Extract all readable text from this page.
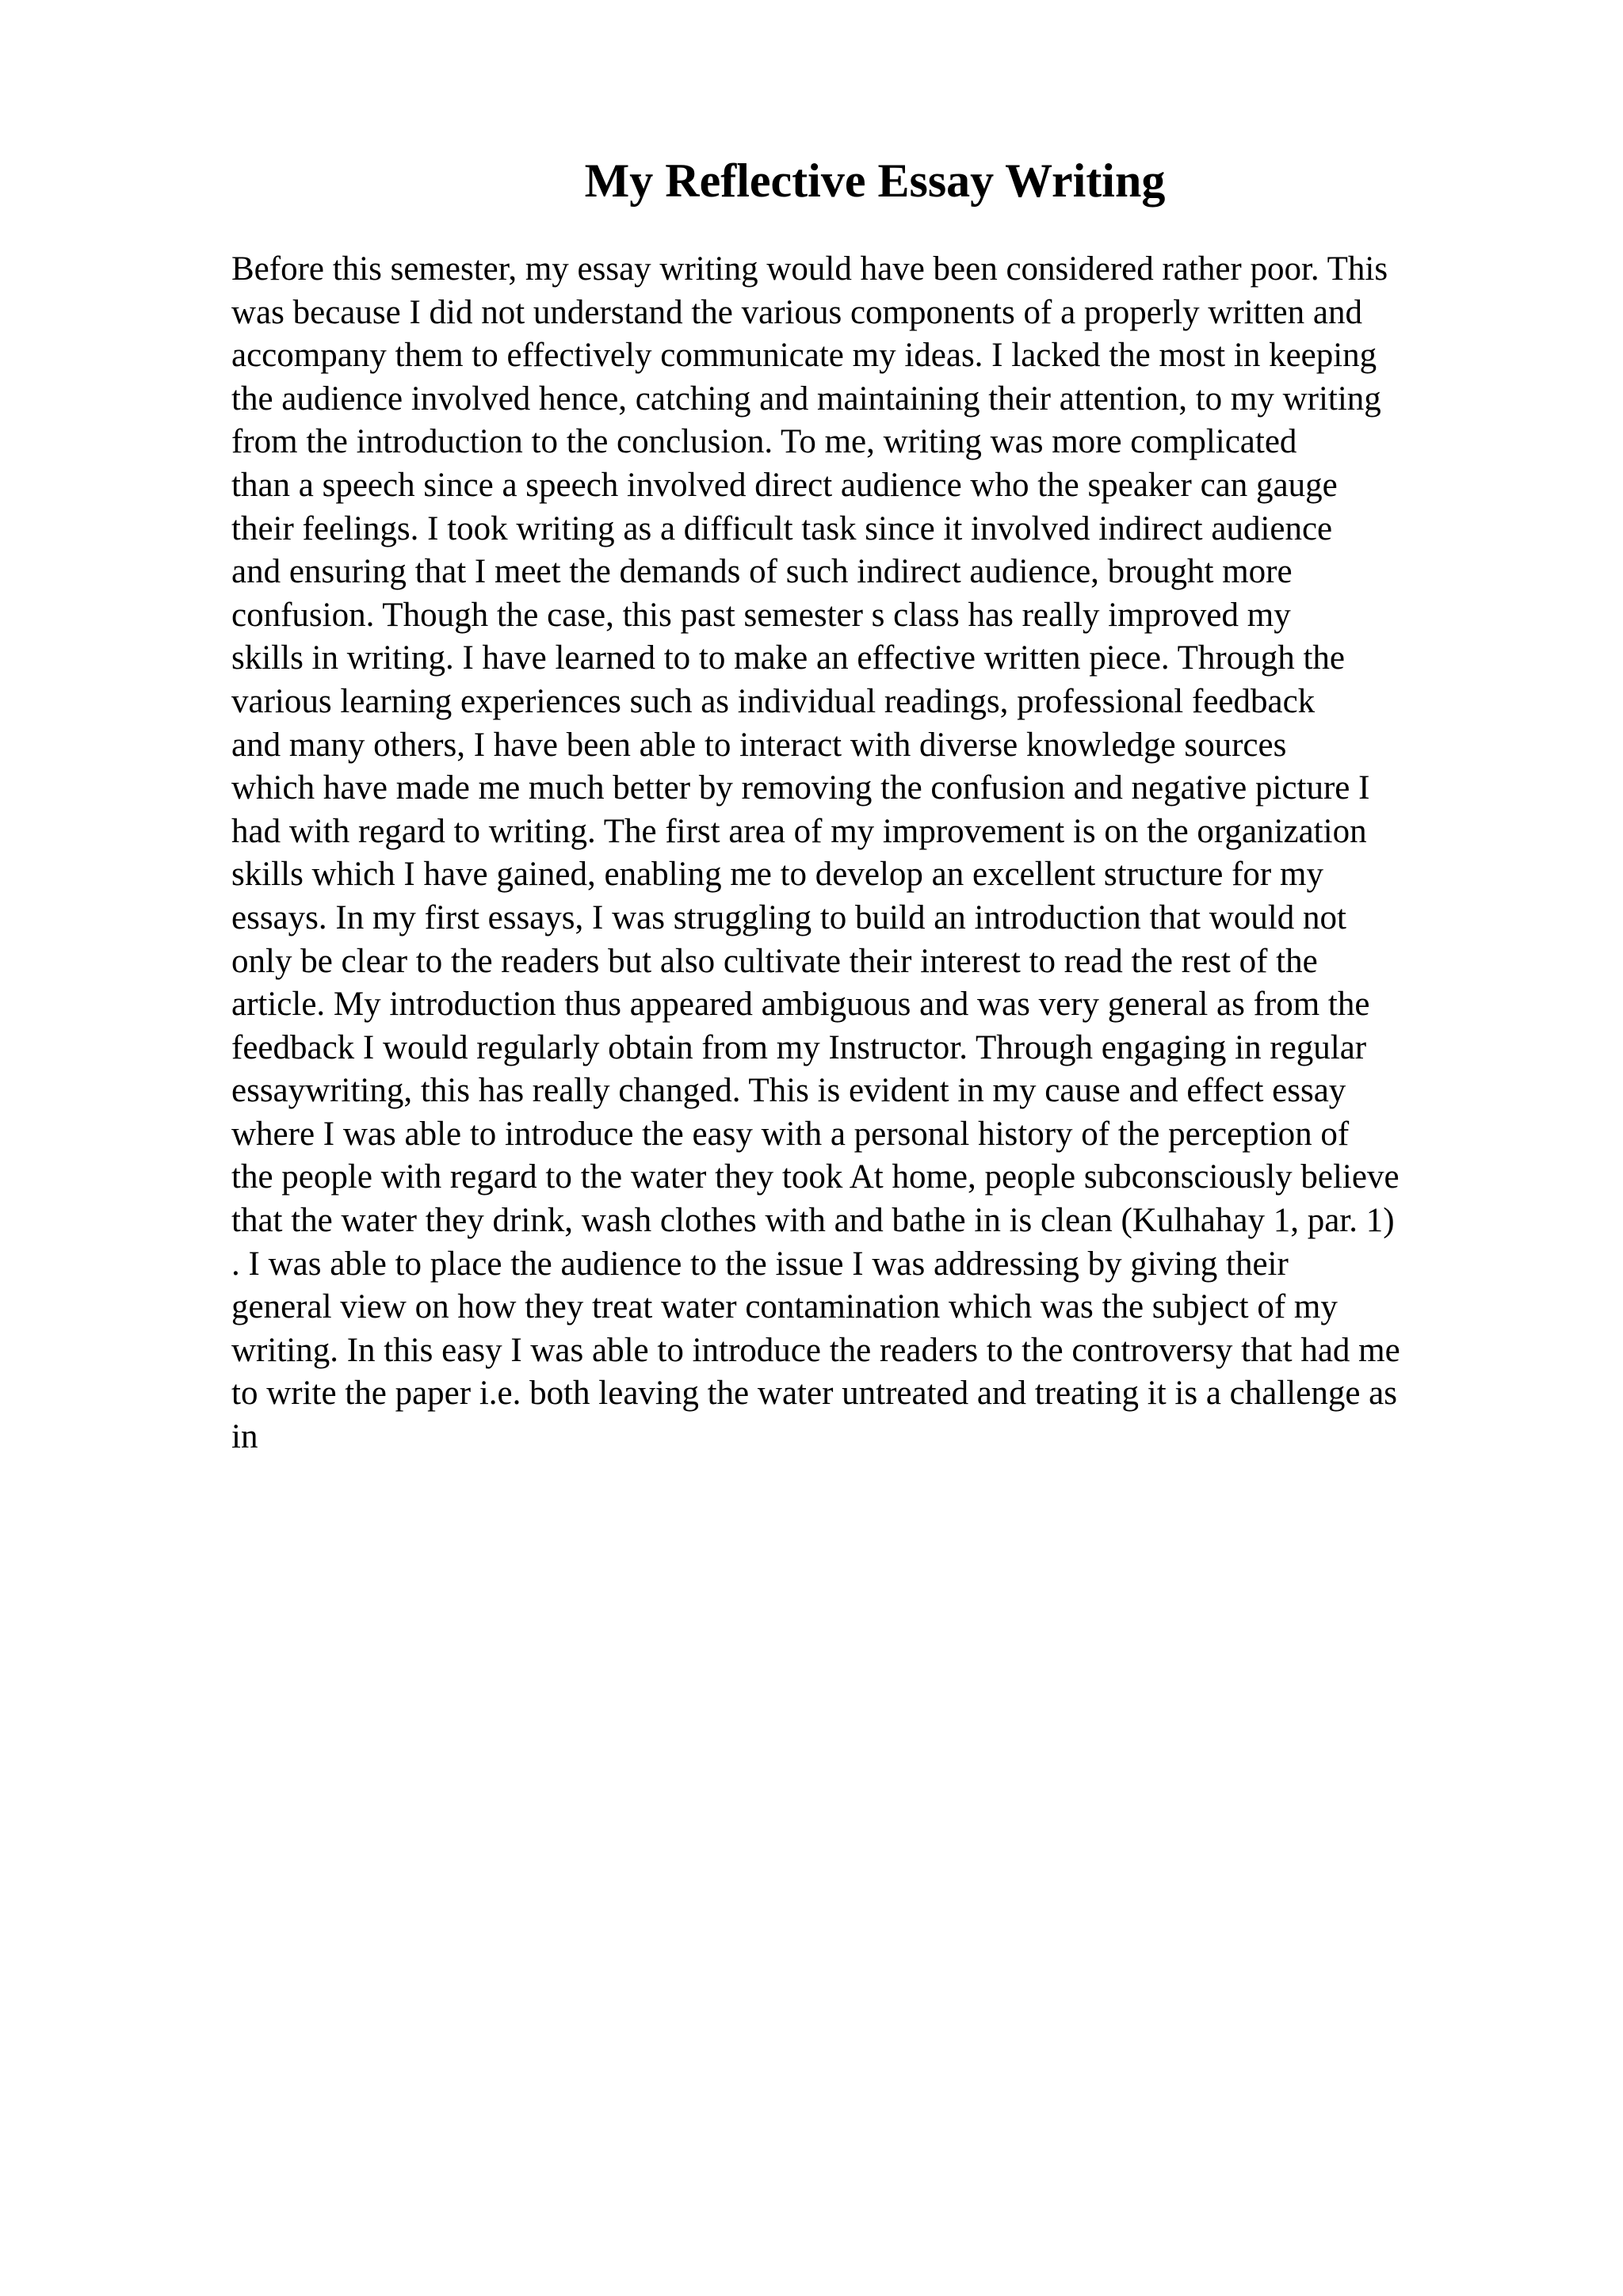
My Reflective Essay Writing
Before this semester, my essay writing would have been considered rather poor. This
was because I did not understand the various components of a properly written and
accompany them to effectively communicate my ideas. I lacked the most in keeping
the audience involved hence, catching and maintaining their attention, to my writing
from the introduction to the conclusion. To me, writing was more complicated
than a speech since a speech involved direct audience who the speaker can gauge
their feelings. I took writing as a difficult task since it involved indirect audience
and ensuring that I meet the demands of such indirect audience, brought more
confusion. Though the case, this past semester s class has really improved my
skills in writing. I have learned to to make an effective written piece. Through the
various learning experiences such as individual readings, professional feedback
and many others, I have been able to interact with diverse knowledge sources
which have made me much better by removing the confusion and negative picture I
had with regard to writing. The first area of my improvement is on the organization
skills which I have gained, enabling me to develop an excellent structure for my
essays. In my first essays, I was struggling to build an introduction that would not
only be clear to the readers but also cultivate their interest to read the rest of the
article. My introduction thus appeared ambiguous and was very general as from the
feedback I would regularly obtain from my Instructor. Through engaging in regular
essaywriting, this has really changed. This is evident in my cause and effect essay
where I was able to introduce the easy with a personal history of the perception of
the people with regard to the water they took At home, people subconsciously believe
that the water they drink, wash clothes with and bathe in is clean (Kulhahay 1, par. 1)
. I was able to place the audience to the issue I was addressing by giving their
general view on how they treat water contamination which was the subject of my
writing. In this easy I was able to introduce the readers to the controversy that had me
to write the paper i.e. both leaving the water untreated and treating it is a challenge as
in
